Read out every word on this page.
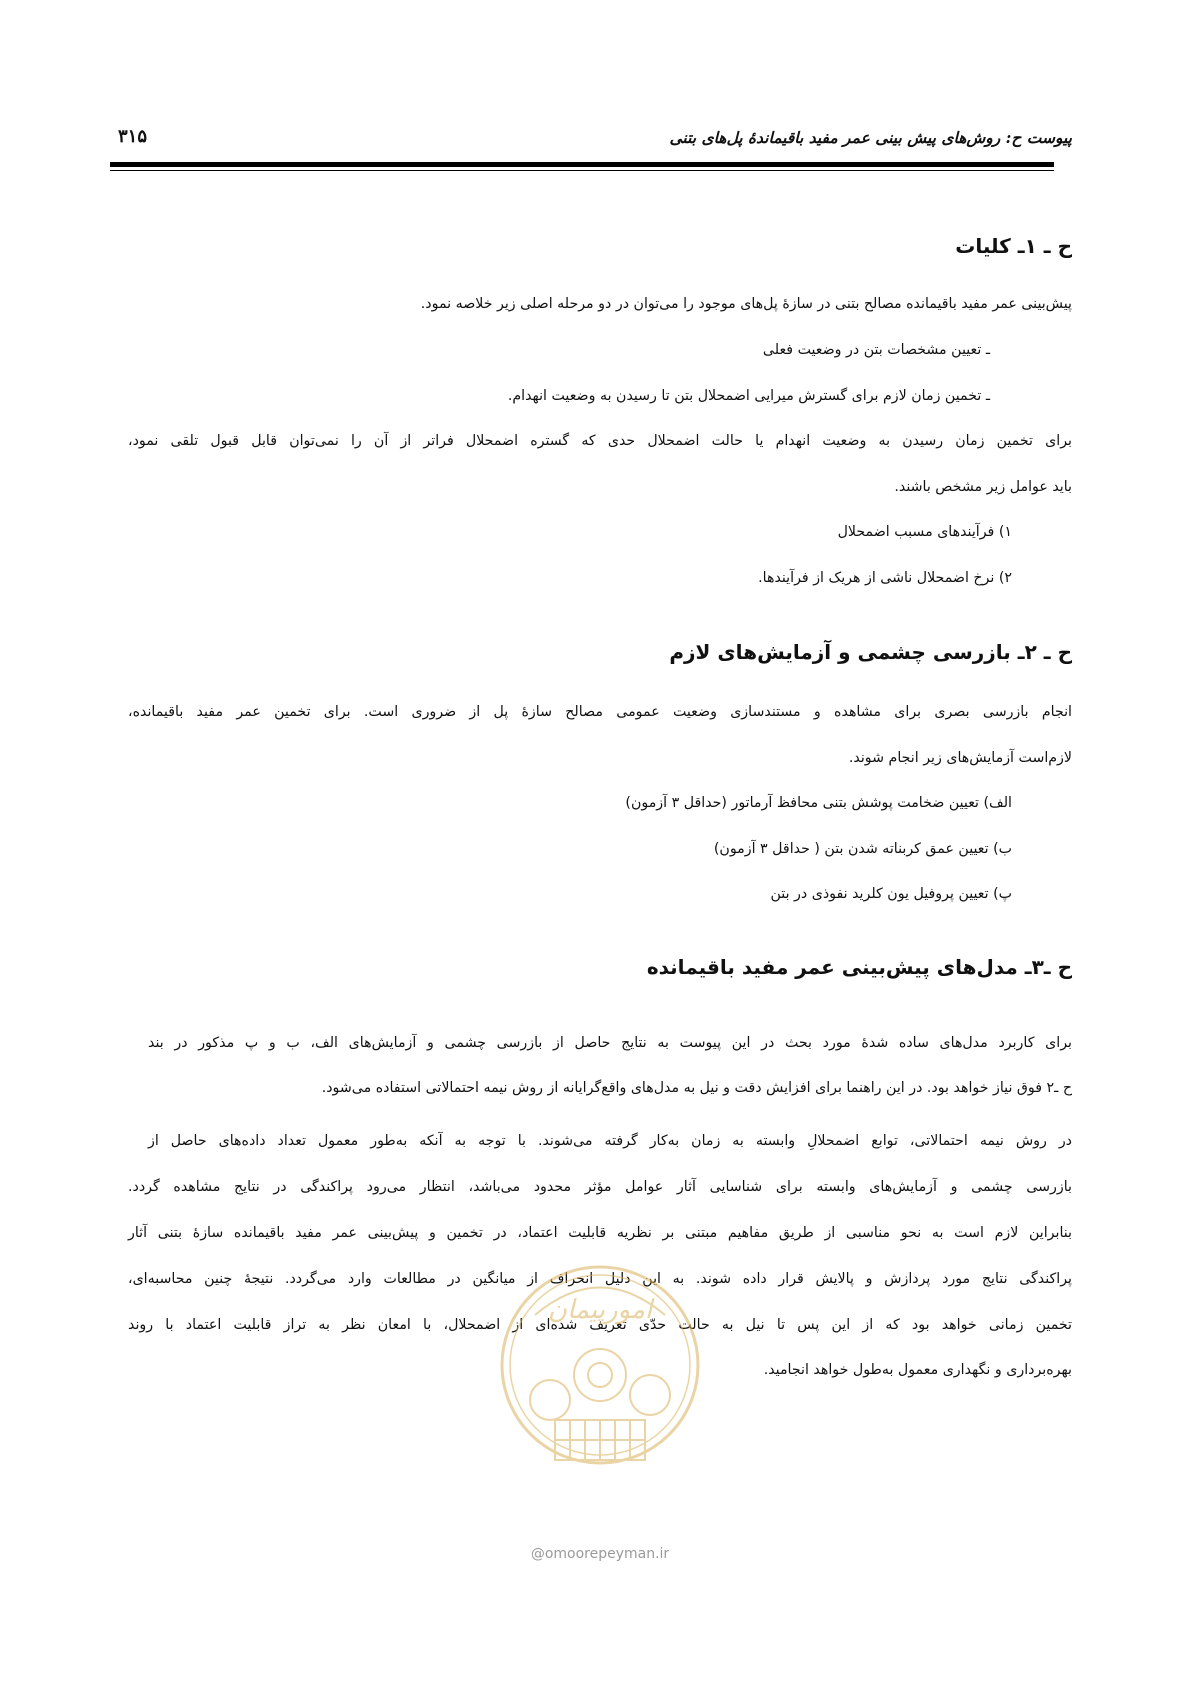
پیوست ح: روش‌های پیش بینی عمر مفید باقیماندۀ پل‌های بتنی
۳۱۵
ح ـ ۱ـ کلیات
پیش‌بینی عمر مفید باقیمانده مصالح بتنی در سازۀ پل‌های موجود را می‌توان در دو مرحله اصلی زیر خلاصه نمود.
ـ تعیین مشخصات بتن در وضعیت فعلی
ـ تخمین زمان لازم برای گسترش میرایی اضمحلال بتن تا رسیدن به وضعیت انهدام.
برای تخمین زمان رسیدن به وضعیت انهدام یا حالت اضمحلال حدی که گستره اضمحلال فراتر از آن را نمی‌توان قابل قبول تلقی نمود،
باید عوامل زیر مشخص باشند.
۱) فرآیندهای مسبب اضمحلال
۲) نرخ اضمحلال ناشی از هریک از فرآیندها.
ح ـ ۲ـ بازرسی چشمی و آزمایش‌های لازم
انجام بازرسی بصری برای مشاهده و مستندسازی وضعیت عمومی مصالح سازۀ پل از ضروری است. برای تخمین عمر مفید باقیمانده،
لازم‌است آزمایش‌های زیر انجام شوند.
الف) تعیین ضخامت پوشش بتنی محافظ آرماتور (حداقل ۳ آزمون)
ب) تعیین عمق کربناته شدن بتن ( حداقل ۳ آزمون)
پ) تعیین پروفیل یون کلرید نفوذی در بتن
ح ـ۳ـ مدل‌های پیش‌بینی عمر مفید باقیمانده
برای کاربرد مدل‌های ساده شدۀ مورد بحث در این پیوست به نتایج حاصل از بازرسی چشمی و آزمایش‌های الف، ب و پ مذکور در بند
ح ـ۲ فوق نیاز خواهد بود. در این راهنما برای افزایش دقت و نیل به مدل‌های واقع‌گرایانه از روش نیمه احتمالاتی استفاده می‌شود.
در روش نیمه احتمالاتی، توابع اضمحلالِ وابسته به زمان به‌کار گرفته می‌شوند. با توجه به آنکه به‌طور معمول تعداد داده‌های حاصل از
بازرسی چشمی و آزمایش‌های وابسته برای شناسایی آثار عوامل مؤثر محدود می‌باشد، انتظار می‌رود پراکندگی در نتایج مشاهده گردد.
بنابراین لازم است به نحو مناسبی از طریق مفاهیم مبتنی بر نظریه قابلیت اعتماد، در تخمین و پیش‌بینی عمر مفید باقیمانده سازۀ بتنی آثار
پراکندگی نتایج مورد پردازش و پالایش قرار داده شوند. به این دلیل انحراف از میانگین در مطالعات وارد می‌گردد. نتیجۀ چنین محاسبه‌ای،
تخمین زمانی خواهد بود که از این پس تا نیل به حالت حدّی تعریف شده‌ای از اضمحلال، با امعان نظر به تراز قابلیت اعتماد با روند
بهره‌برداری و نگهداری معمول به‌طول خواهد انجامید.
امورپیمان
@omoorepeyman.ir
